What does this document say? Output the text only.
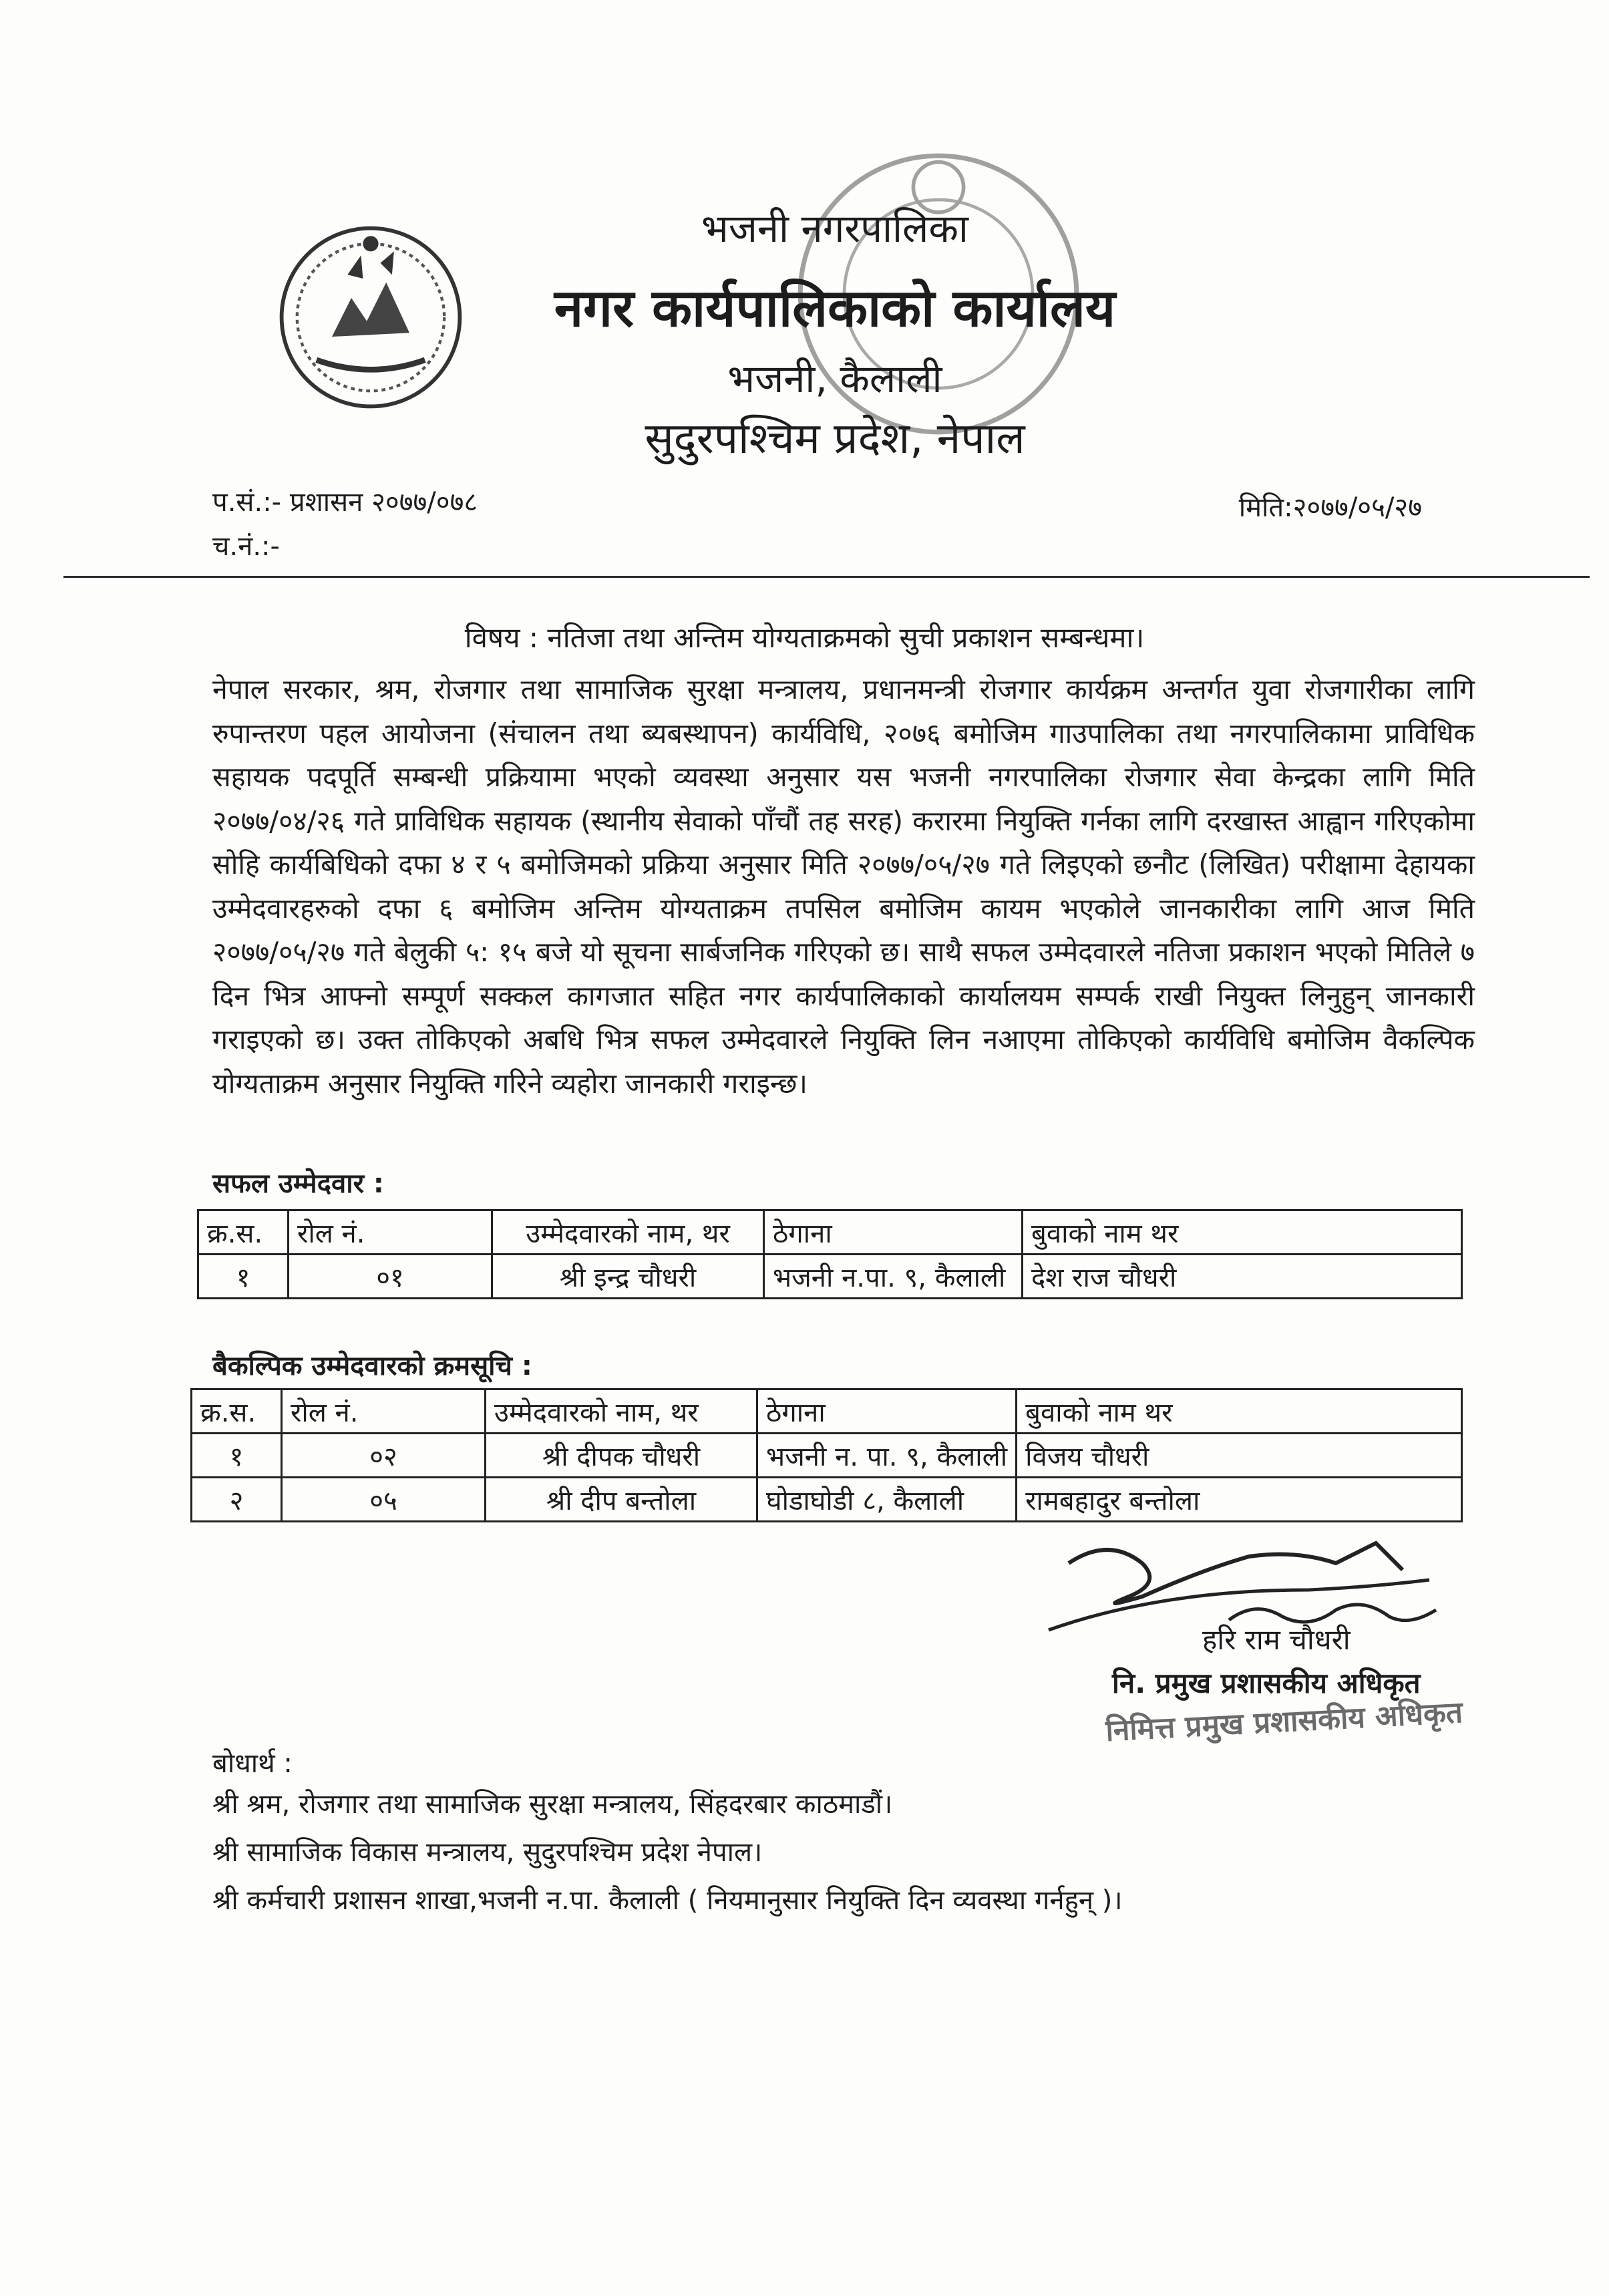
भजनी नगरपालिका
नगर कार्यपालिकाको कार्यालय
भजनी, कैलाली
सुदुरपश्चिम प्रदेश, नेपाल
प.सं.:- प्रशासन २०७७/०७८
च.नं.:-
मिति:२०७७/०५/२७
विषय : नतिजा तथा अन्तिम योग्यताक्रमको सुची प्रकाशन सम्बन्धमा।
नेपाल सरकार, श्रम, रोजगार तथा सामाजिक सुरक्षा मन्त्रालय, प्रधानमन्त्री रोजगार कार्यक्रम अन्तर्गत युवा रोजगारीका लागि रुपान्तरण पहल आयोजना (संचालन तथा ब्यबस्थापन) कार्यविधि, २०७६ बमोजिम गाउपालिका तथा नगरपालिकामा प्राविधिक सहायक पदपूर्ति सम्बन्धी प्रक्रियामा भएको व्यवस्था अनुसार यस भजनी नगरपालिका रोजगार सेवा केन्द्रका लागि मिति २०७७/०४/२६ गते प्राविधिक सहायक (स्थानीय सेवाको पाँचौं तह सरह) करारमा नियुक्ति गर्नका लागि दरखास्त आह्वान गरिएकोमा सोहि कार्यबिधिको दफा ४ र ५ बमोजिमको प्रक्रिया अनुसार मिति २०७७/०५/२७ गते लिइएको छनौट (लिखित) परीक्षामा देहायका उम्मेदवारहरुको दफा ६ बमोजिम अन्तिम योग्यताक्रम तपसिल बमोजिम कायम भएकोले जानकारीका लागि आज मिति २०७७/०५/२७ गते बेलुकी ५: १५ बजे यो सूचना सार्बजनिक गरिएको छ। साथै सफल उम्मेदवारले नतिजा प्रकाशन भएको मितिले ७ दिन भित्र आफ्नो सम्पूर्ण सक्कल कागजात सहित नगर कार्यपालिकाको कार्यालयम सम्पर्क राखी नियुक्त लिनुहुन् जानकारी गराइएको छ। उक्त तोकिएको अबधि भित्र सफल उम्मेदवारले नियुक्ति लिन नआएमा तोकिएको कार्यविधि बमोजिम वैकल्पिक योग्यताक्रम अनुसार नियुक्ति गरिने व्यहोरा जानकारी गराइन्छ।
सफल उम्मेदवार :
क्र.स.	रोल नं.	उम्मेदवारको नाम, थर	ठेगाना	बुवाको नाम थर
१	०१	श्री इन्द्र चौधरी	भजनी न.पा. ९, कैलाली	देश राज चौधरी
बैकल्पिक उम्मेदवारको क्रमसूचि :
क्र.स.	रोल नं.	उम्मेदवारको नाम, थर	ठेगाना	बुवाको नाम थर
१	०२	श्री दीपक चौधरी	भजनी न. पा. ९, कैलाली	विजय चौधरी
२	०५	श्री दीप बन्तोला	घोडाघोडी ८, कैलाली	रामबहादुर बन्तोला
हरि राम चौधरी
नि. प्रमुख प्रशासकीय अधिकृत
निमित्त प्रमुख प्रशासकीय अधिकृत
बोधार्थ :
श्री श्रम, रोजगार तथा सामाजिक सुरक्षा मन्त्रालय, सिंहदरबार काठमाडौं।
श्री सामाजिक विकास मन्त्रालय, सुदुरपश्चिम प्रदेश नेपाल।
श्री कर्मचारी प्रशासन शाखा,भजनी न.पा. कैलाली ( नियमानुसार नियुक्ति दिन व्यवस्था गर्नहुन् )।
